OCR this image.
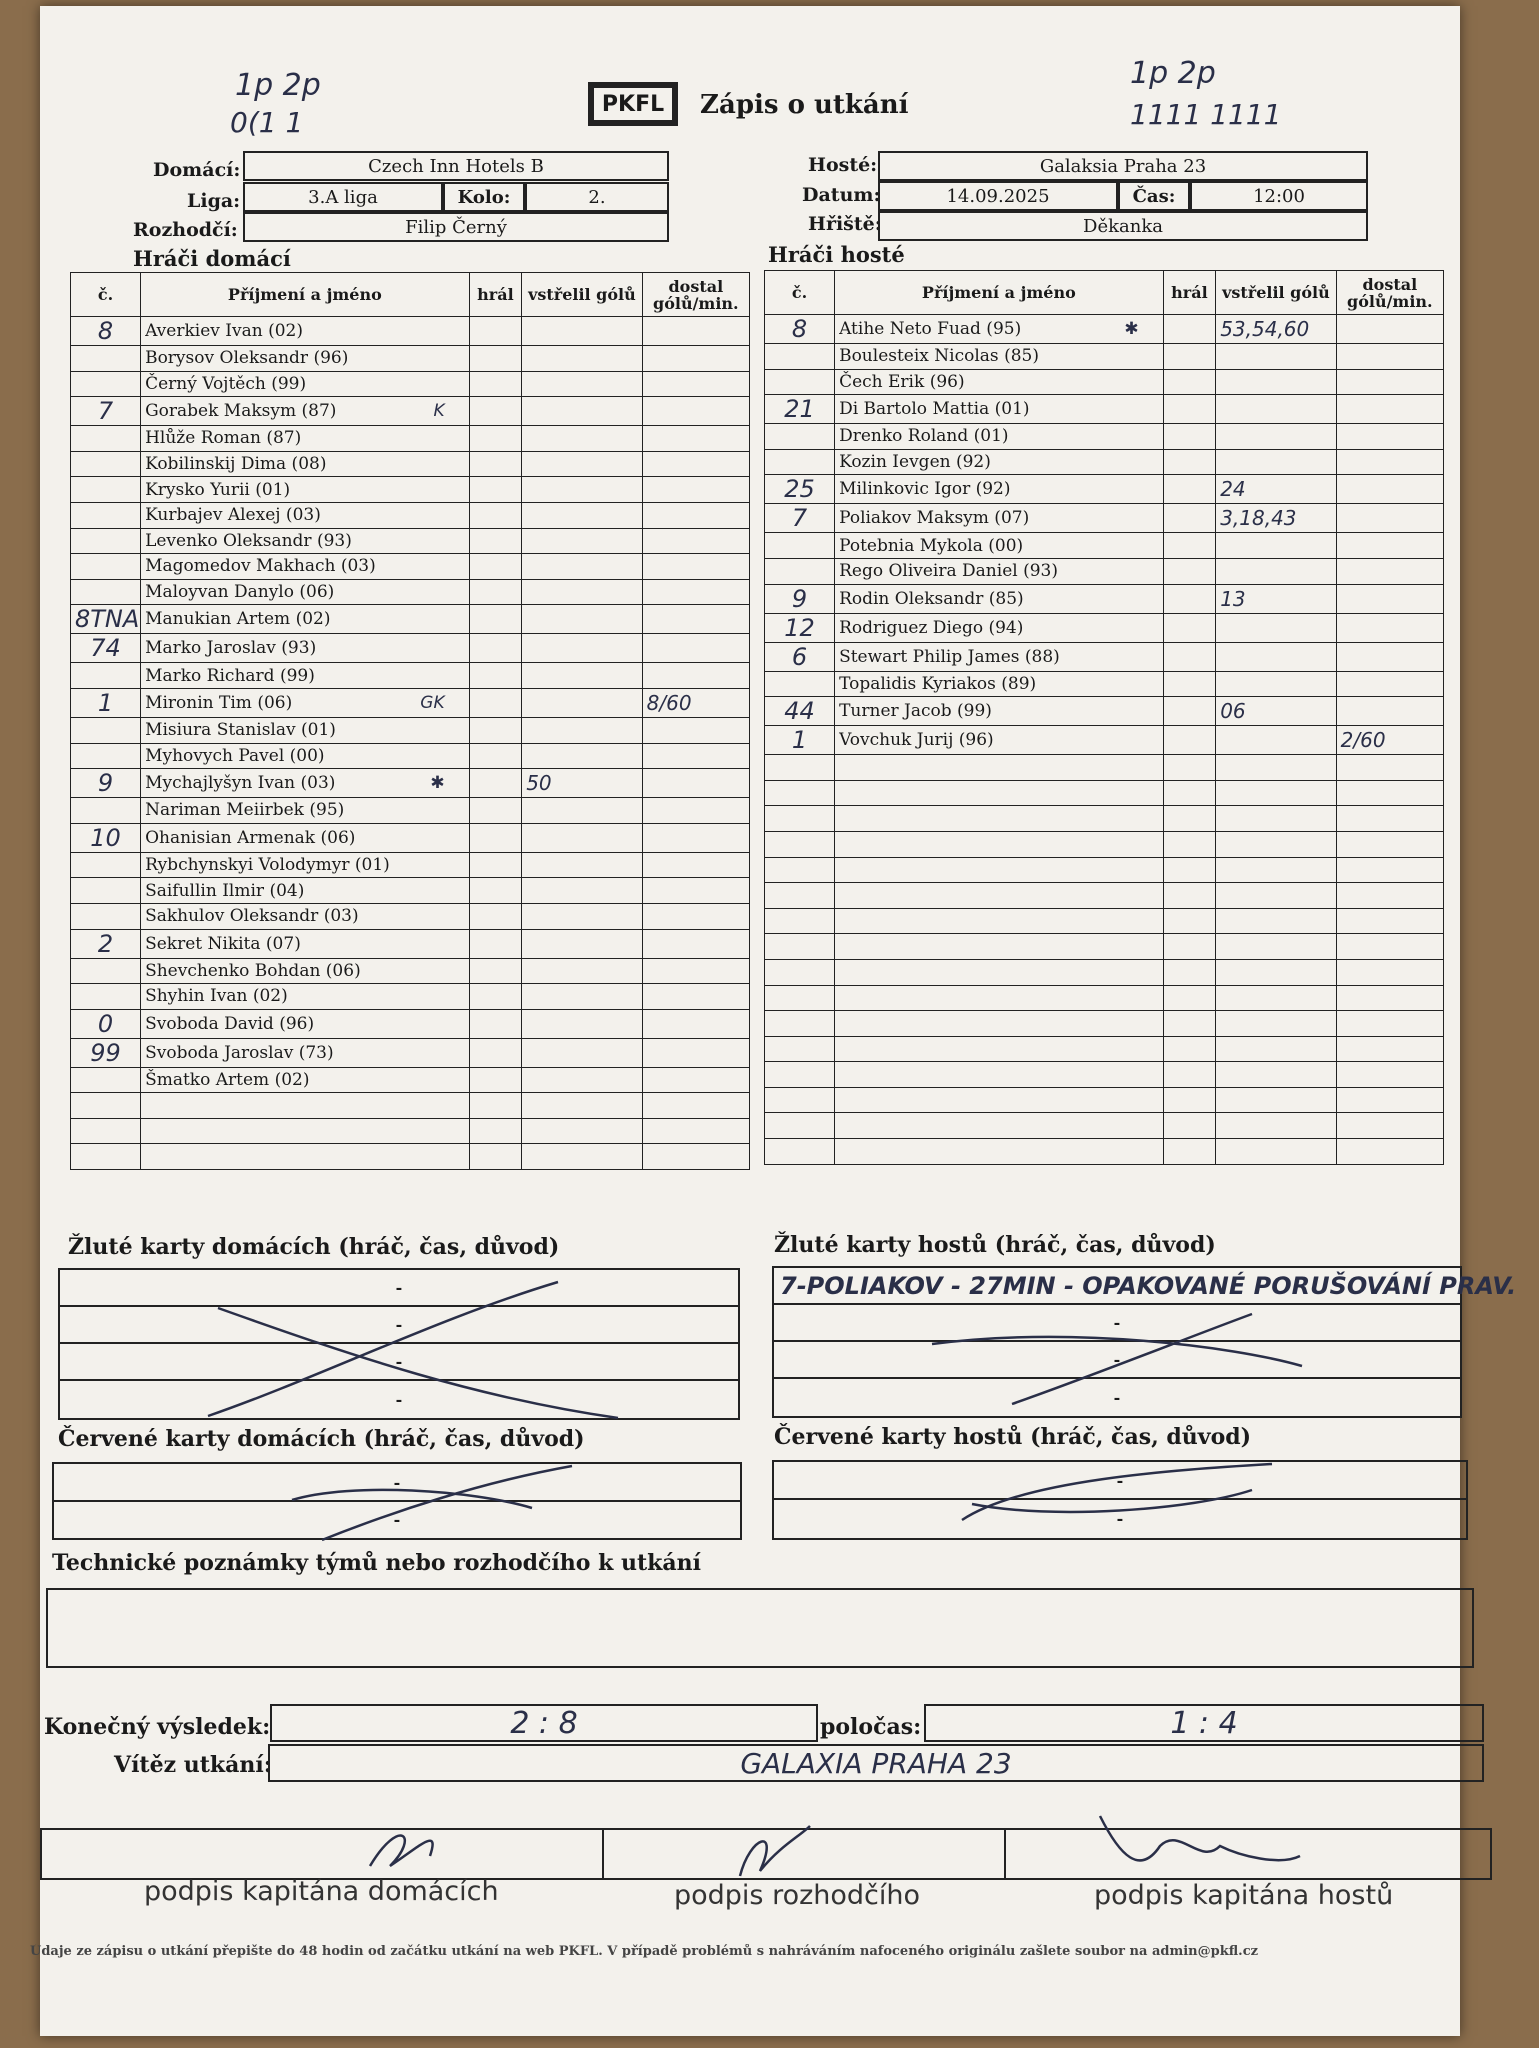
1p 2p
0(1 1
1p 2p
1111 1111
PKFL Zápis o utkání
Domácí:	Czech Inn Hotels B
Liga:	3.A liga	Kolo:	2.
Rozhodčí:	Filip Černý
Hosté:	Galaksia Praha 23
Datum:	14.09.2025	Čas:	12:00
Hřiště:	Děkanka
Hráči domácí	Hráči hosté
č.	Příjmení a jméno	hrál	vstřelil gólů	dostal gólů/min.
8	Averkiev Ivan (02)			

	Borysov Oleksandr (96)			

	Černý Vojtěch (99)			

7	Gorabek Maksym (87) K			

	Hlůže Roman (87)			

	Kobilinskij Dima (08)			

	Krysko Yurii (01)			

	Kurbajev Alexej (03)			

	Levenko Oleksandr (93)			

	Magomedov Makhach (03)			

	Maloyvan Danylo (06)			

8TNA	Manukian Artem (02)			

74	Marko Jaroslav (93)			

	Marko Richard (99)			

1	Mironin Tim (06) GK			8/60

	Misiura Stanislav (01)			

	Myhovych Pavel (00)			

9	Mychajlyšyn Ivan (03) ✱		50	

	Nariman Meiirbek (95)			

10	Ohanisian Armenak (06)			

	Rybchynskyi Volodymyr (01)			

	Saifullin Ilmir (04)			

	Sakhulov Oleksandr (03)			

2	Sekret Nikita (07)			

	Shevchenko Bohdan (06)			

	Shyhin Ivan (02)			

0	Svoboda David (96)			

99	Svoboda Jaroslav (73)			

	Šmatko Artem (02)			

č.	Příjmení a jméno	hrál	vstřelil gólů	dostal gólů/min.
8	Atihe Neto Fuad (95) ✱		53,54,60	

	Boulesteix Nicolas (85)			

	Čech Erik (96)			

21	Di Bartolo Mattia (01)			

	Drenko Roland (01)			

	Kozin Ievgen (92)			

25	Milinkovic Igor (92)		24	
7	Poliakov Maksym (07)		3,18,43	

	Potebnia Mykola (00)			

	Rego Oliveira Daniel (93)			

9	Rodin Oleksandr (85)		13	
12	Rodriguez Diego (94)			

6	Stewart Philip James (88)			

	Topalidis Kyriakos (89)			

44	Turner Jacob (99)		06	
1	Vovchuk Jurij (96)			2/60

Žluté karty domácích (hráč, čas, důvod)
-
-
-
-
Žluté karty hostů (hráč, čas, důvod)
7-POLIAKOV - 27MIN - OPAKOVANÉ PORUŠOVÁNÍ PRAV.
-
-
-
Červené karty domácích (hráč, čas, důvod)
-
-
Červené karty hostů (hráč, čas, důvod)
-
-
Technické poznámky týmů nebo rozhodčího k utkání
Konečný výsledek:	2 : 8	poločas:	1 : 4
Vítěz utkání:	GALAXIA PRAHA 23
podpis kapitána domácích	podpis rozhodčího	podpis kapitána hostů
Údaje ze zápisu o utkání přepište do 48 hodin od začátku utkání na web PKFL. V případě problémů s nahráváním nafoceného originálu zašlete soubor na admin@pkfl.cz
